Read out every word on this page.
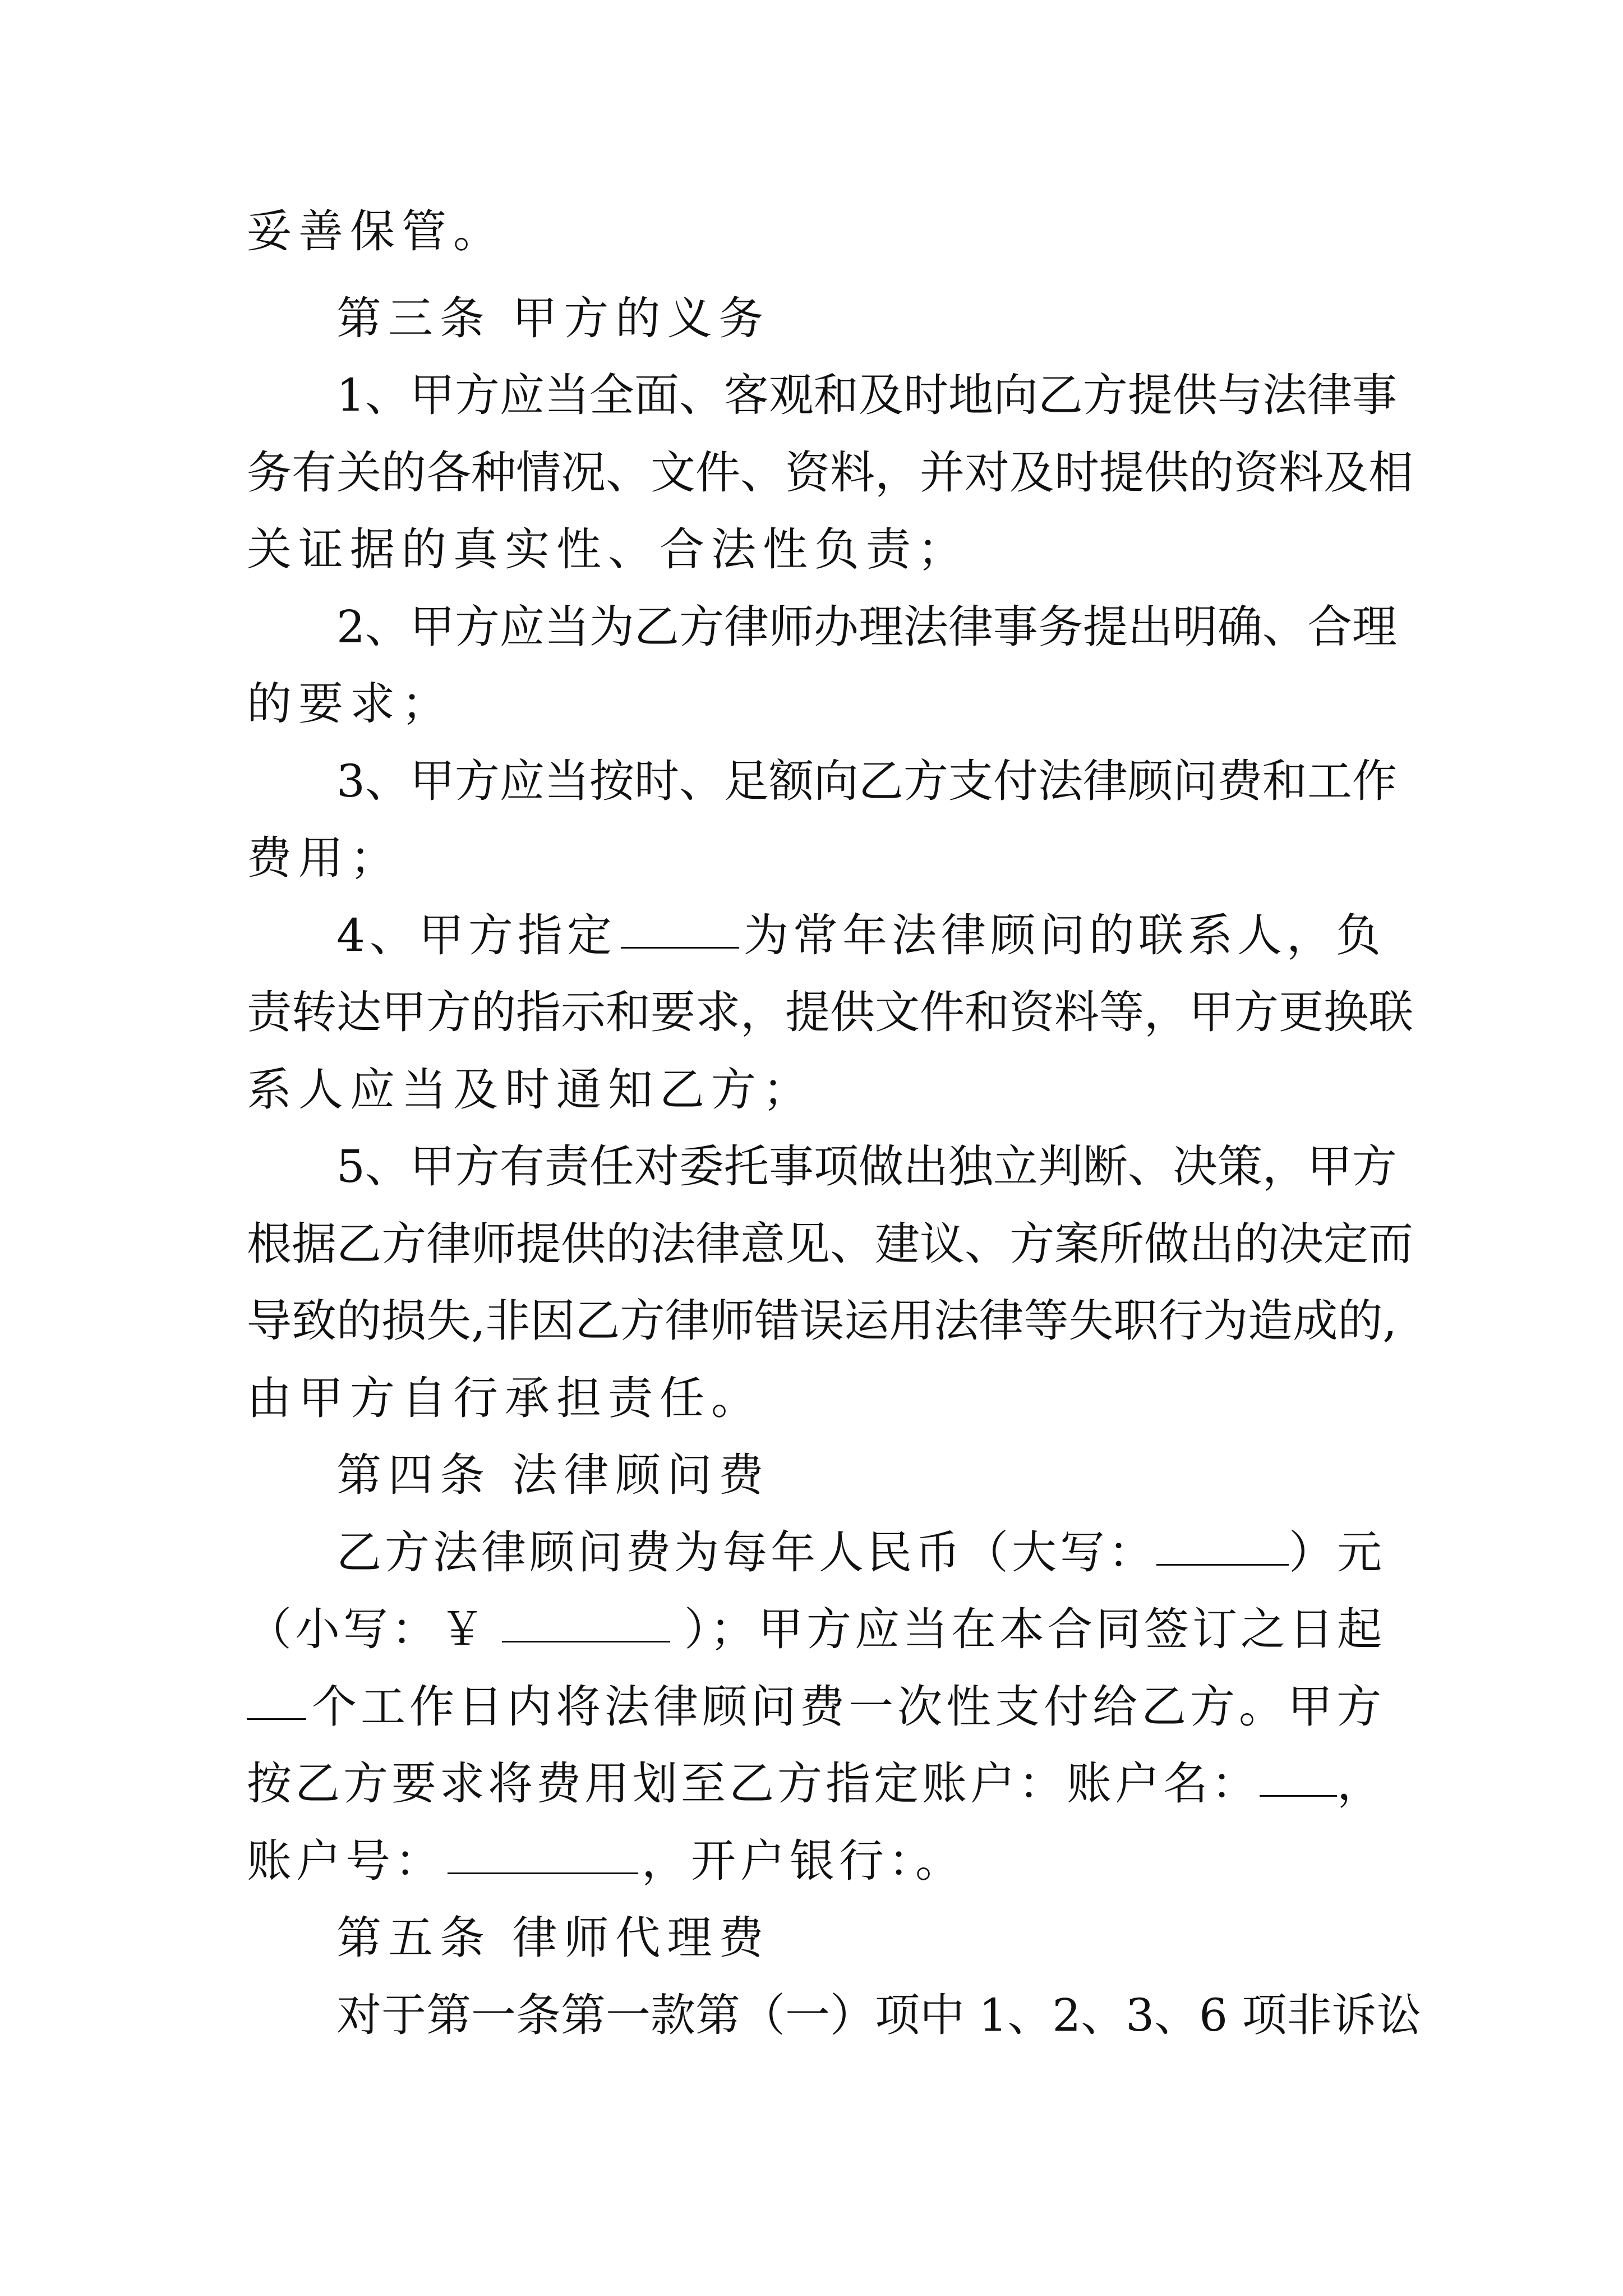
妥善保管。
第三条 甲方的义务
1、甲方应当全面、客观和及时地向乙方提供与法律事
务有关的各种情况、文件、资料，并对及时提供的资料及相
关证据的真实性、合法性负责；
2、甲方应当为乙方律师办理法律事务提出明确、合理
的要求；
3、甲方应当按时、足额向乙方支付法律顾问费和工作
费用；
4、甲方指定	为常年法律顾问的联系人，负
责转达甲方的指示和要求，提供文件和资料等，甲方更换联
系人应当及时通知乙方；
5、甲方有责任对委托事项做出独立判断、决策，甲方
根据乙方律师提供的法律意见、建议、方案所做出的决定而
导致的损失,非因乙方律师错误运用法律等失职行为造成的,
由甲方自行承担责任。
第四条 法律顾问费
乙方法律顾问费为每年人民币（大写：	）元
（小写：￥	）；甲方应当在本合同签订之日起
个工作日内将法律顾问费一次性支付给乙方。甲方
按乙方要求将费用划至乙方指定账户：账户名： ，
账户号：	，开户银行：。
第五条 律师代理费
对于第一条第一款第（一）项中 1、2、3、6 项非诉讼
